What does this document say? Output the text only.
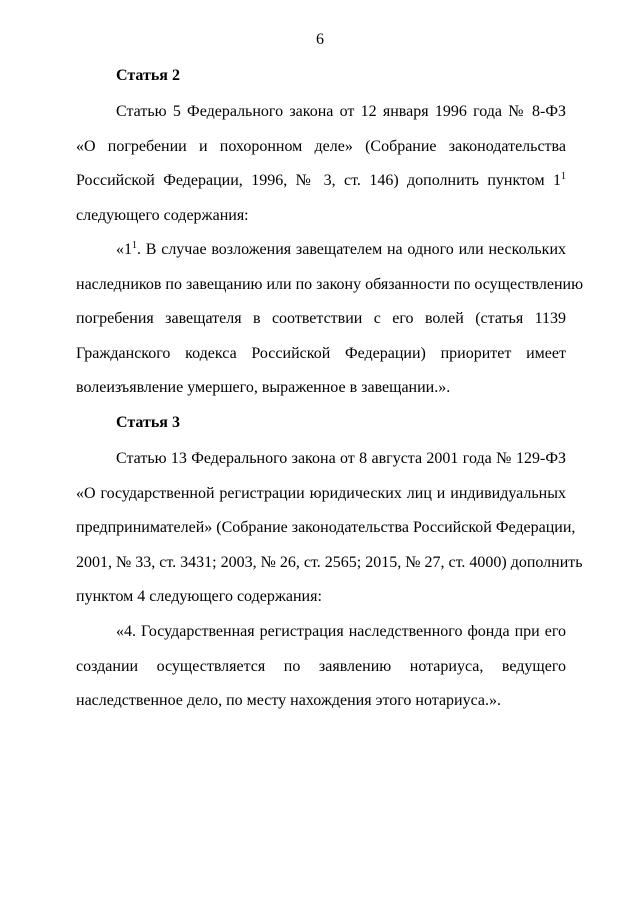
6
Статья 2
Статью 5 Федерального закона от 12 января 1996 года № 8-ФЗ
«О погребении и похоронном деле» (Собрание законодательства
Российской Федерации, 1996, № 3, ст. 146) дополнить пунктом $1^1$
следующего содержания:
«$1^1$. В случае возложения завещателем на одного или нескольких
наследников по завещанию или по закону обязанности по осуществлению
погребения завещателя в соответствии с его волей (статья 1139
Гражданского кодекса Российской Федерации) приоритет имеет
волеизъявление умершего, выраженное в завещании.».
Статья 3
Статью 13 Федерального закона от 8 августа 2001 года № 129-ФЗ
«О государственной регистрации юридических лиц и индивидуальных
предпринимателей» (Собрание законодательства Российской Федерации,
2001, № 33, ст. 3431; 2003, № 26, ст. 2565; 2015, № 27, ст. 4000) дополнить
пунктом 4 следующего содержания:
«4. Государственная регистрация наследственного фонда при его
создании осуществляется по заявлению нотариуса, ведущего
наследственное дело, по месту нахождения этого нотариуса.».
